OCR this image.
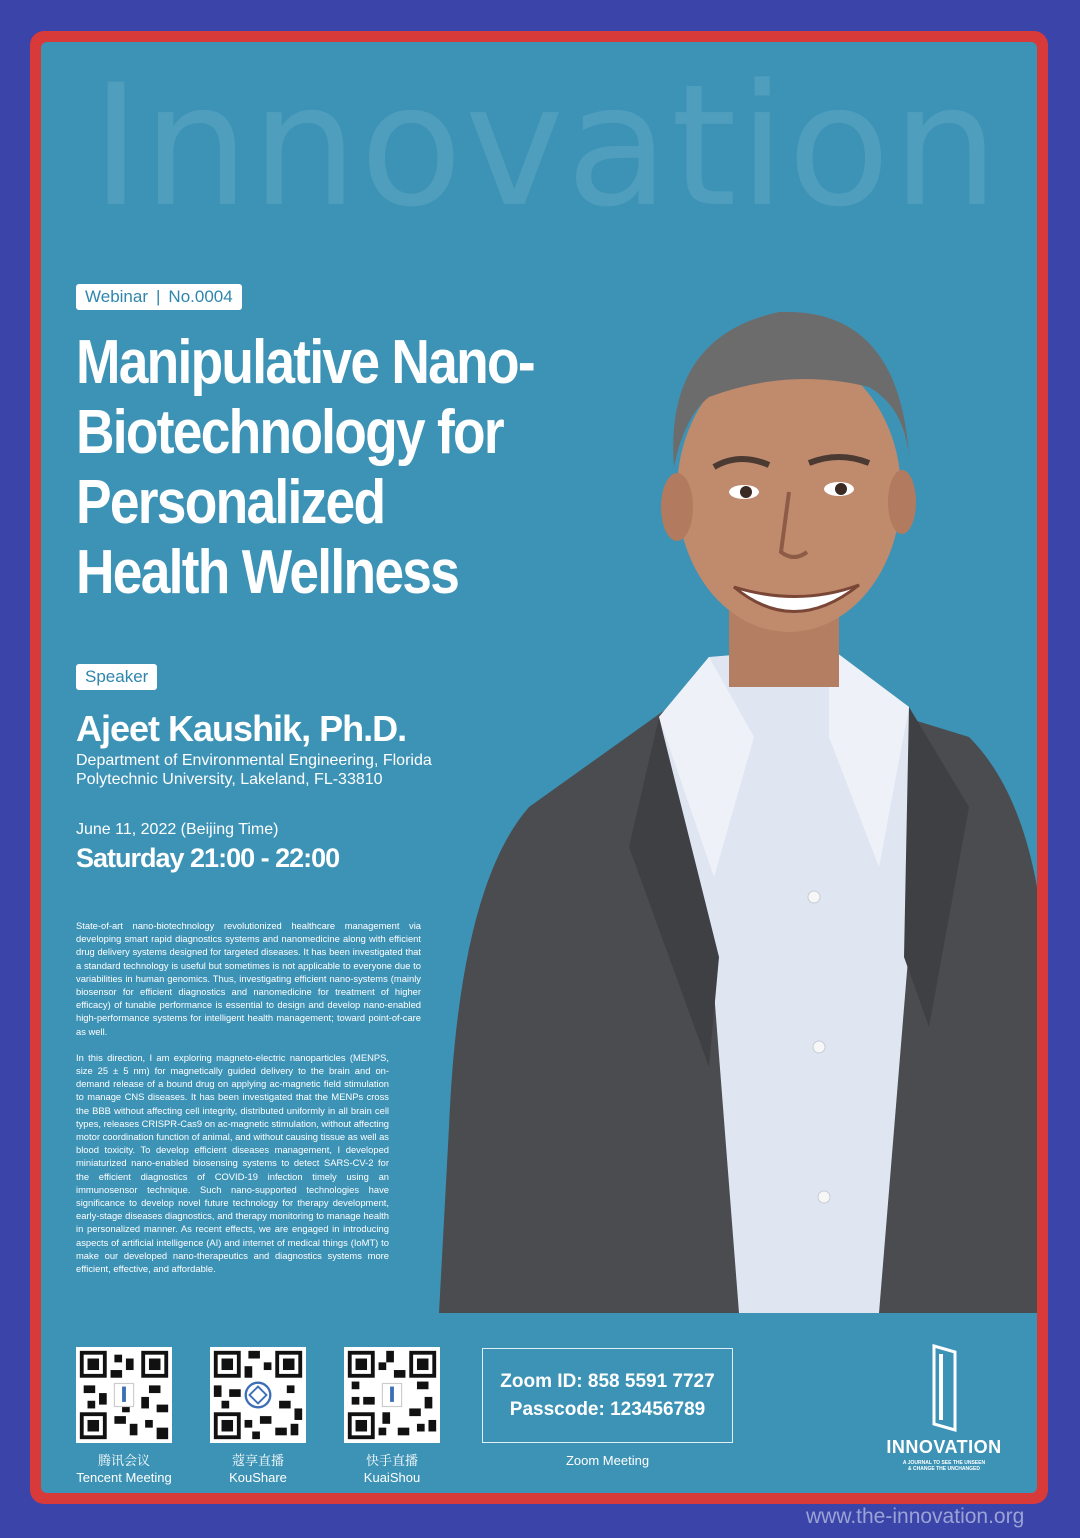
Innovation
Webinar | No.0004
Manipulative Nano-
Biotechnology for
Personalized
Health Wellness
Speaker
Ajeet Kaushik, Ph.D.
Department of Environmental Engineering, Florida Polytechnic University, Lakeland, FL-33810
June 11, 2022 (Beijing Time)
Saturday 21:00 - 22:00

State-of-art nano-biotechnology revolutionized healthcare management via developing smart rapid diagnostics systems and nanomedicine along with efficient drug delivery systems designed for targeted diseases. It has been investigated that a standard technology is useful but sometimes is not applicable to everyone due to variabilities in human genomics. Thus, investigating efficient nano-systems (mainly biosensor for efficient diagnostics and nanomedicine for treatment of higher efficacy) of tunable performance is essential to design and develop nano-enabled high-performance systems for intelligent health management; toward point-of-care as well.

In this direction, I am exploring magneto-electric nanoparticles (MENPS, size 25 ± 5 nm) for magnetically guided delivery to the brain and on-demand release of a bound drug on applying ac-magnetic field stimulation to manage CNS diseases. It has been investigated that the MENPs cross the BBB without affecting cell integrity, distributed uniformly in all brain cell types, releases CRISPR-Cas9 on ac-magnetic stimulation, without affecting motor coordination function of animal, and without causing tissue as well as blood toxicity. To develop efficient diseases management, I developed miniaturized nano-enabled biosensing systems to detect SARS-CV-2 for the efficient diagnostics of COVID-19 infection timely using an immunosensor technique. Such nano-supported technologies have significance to develop novel future technology for therapy development, early-stage diseases diagnostics, and therapy monitoring to manage health in personalized manner. As recent effects, we are engaged in introducing aspects of artificial intelligence (AI) and internet of medical things (IoMT) to make our developed nano-therapeutics and diagnostics systems more efficient, effective, and affordable.

腾讯会议
Tencent Meeting
蔻享直播
KouShare
快手直播
KuaiShou
Zoom ID: 858 5591 7727
Passcode: 123456789
Zoom Meeting
INNOVATION
A JOURNAL TO SEE THE UNSEEN
& CHANGE THE UNCHANGED
www.the-innovation.org
